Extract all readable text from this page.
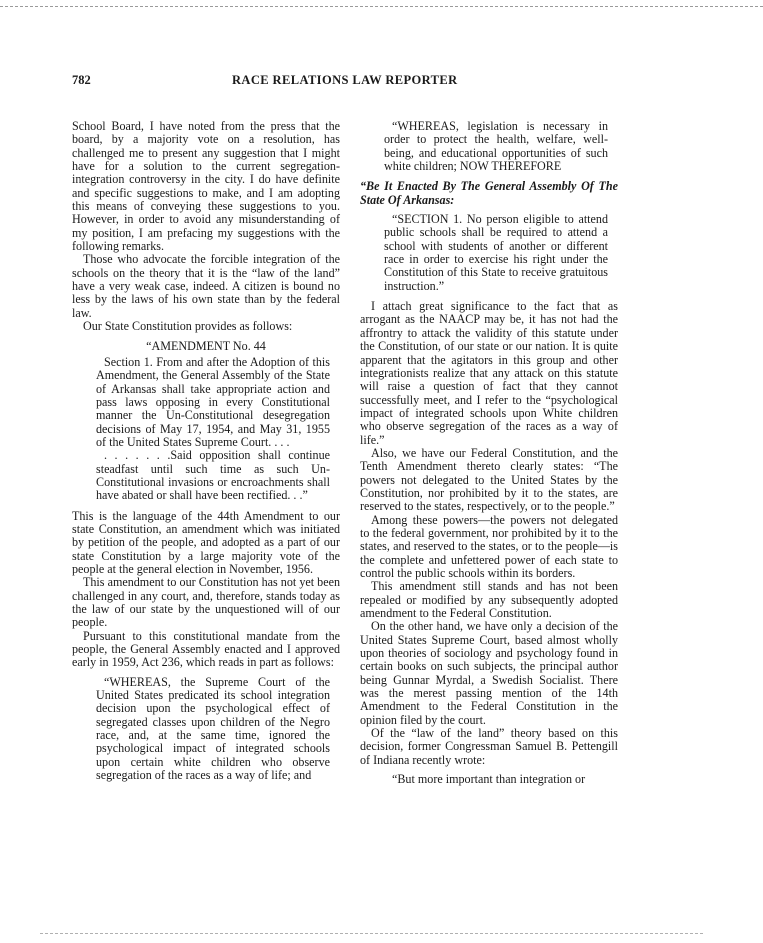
782	RACE RELATIONS LAW REPORTER

School Board, I have noted from the press that the board, by a majority vote on a resolution, has challenged me to present any suggestion that I might have for a solution to the current segregation-integration controversy in the city. I do have definite and specific suggestions to make, and I am adopting this means of conveying these suggestions to you. However, in order to avoid any misunderstanding of my position, I am prefacing my suggestions with the following remarks.

Those who advocate the forcible integration of the schools on the theory that it is the “law of the land” have a very weak case, indeed. A citizen is bound no less by the laws of his own state than by the federal law.

Our State Constitution provides as follows:

“AMENDMENT No. 44

Section 1. From and after the Adoption of this Amendment, the General Assembly of the State of Arkansas shall take appropriate action and pass laws opposing in every Constitutional manner the Un-Constitutional desegregation decisions of May 17, 1954, and May 31, 1955 of the United States Supreme Court. . . .

. . . . . . .Said opposition shall continue steadfast until such time as such Un-Constitutional invasions or encroachments shall have abated or shall have been rectified. . .”

This is the language of the 44th Amendment to our state Constitution, an amendment which was initiated by petition of the people, and adopted as a part of our state Constitution by a large majority vote of the people at the general election in November, 1956.

This amendment to our Constitution has not yet been challenged in any court, and, therefore, stands today as the law of our state by the unquestioned will of our people.

Pursuant to this constitutional mandate from the people, the General Assembly enacted and I approved early in 1959, Act 236, which reads in part as follows:

“WHEREAS, the Supreme Court of the United States predicated its school integration decision upon the psychological effect of segregated classes upon children of the Negro race, and, at the same time, ignored the psychological impact of integrated schools upon certain white children who observe segregation of the races as a way of life; and

“WHEREAS, legislation is necessary in order to protect the health, welfare, well-being, and educational opportunities of such white children; NOW THEREFORE

“Be It Enacted By The General Assembly Of The State Of Arkansas:

“SECTION 1. No person eligible to attend public schools shall be required to attend a school with students of another or different race in order to exercise his right under the Constitution of this State to receive gratuitous instruction.”

I attach great significance to the fact that as arrogant as the NAACP may be, it has not had the affrontry to attack the validity of this statute under the Constitution, of our state or our nation. It is quite apparent that the agitators in this group and other integrationists realize that any attack on this statute will raise a question of fact that they cannot successfully meet, and I refer to the “psychological impact of integrated schools upon White children who observe segregation of the races as a way of life.”

Also, we have our Federal Constitution, and the Tenth Amendment thereto clearly states: “The powers not delegated to the United States by the Constitution, nor prohibited by it to the states, are reserved to the states, respectively, or to the people.”

Among these powers—the powers not delegated to the federal government, nor prohibited by it to the states, and reserved to the states, or to the people—is the complete and unfettered power of each state to control the public schools within its borders.

This amendment still stands and has not been repealed or modified by any subsequently adopted amendment to the Federal Constitution.

On the other hand, we have only a decision of the United States Supreme Court, based almost wholly upon theories of sociology and psychology found in certain books on such subjects, the principal author being Gunnar Myrdal, a Swedish Socialist. There was the merest passing mention of the 14th Amendment to the Federal Constitution in the opinion filed by the court.

Of the “law of the land” theory based on this decision, former Congressman Samuel B. Pettengill of Indiana recently wrote:

“But more important than integration or
